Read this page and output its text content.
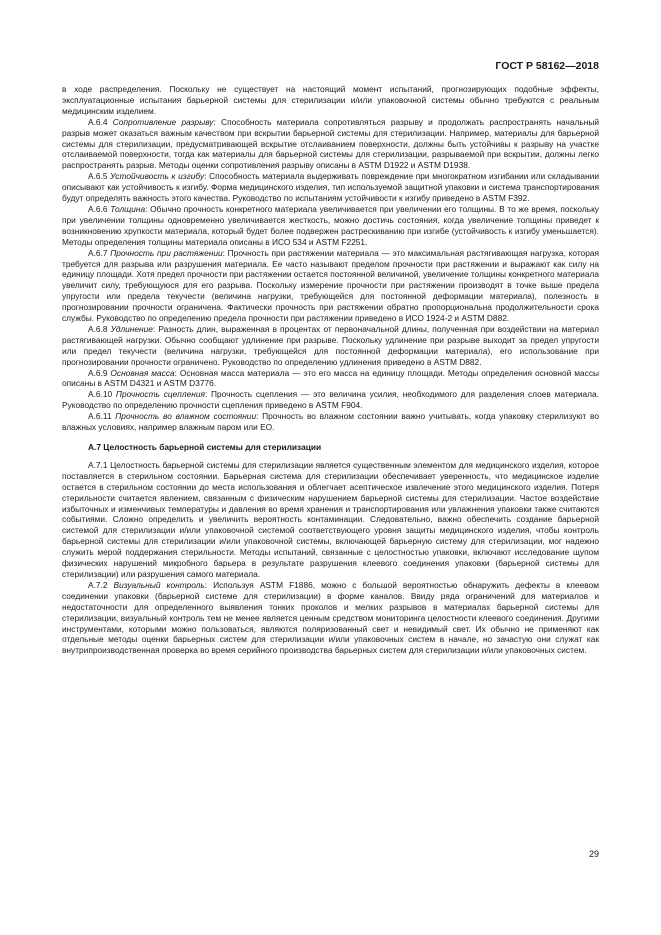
ГОСТ Р 58162—2018

в ходе распределения. Поскольку не существует на настоящий момент испытаний, прогнозирующих подобные эффекты, эксплуатационные испытания барьерной системы для стерилизации и/или упаковочной системы обычно требуются с реальным медицинским изделием.

А.6.4 Сопротивление разрыву: Способность материала сопротивляться разрыву и продолжать распространять начальный разрыв может оказаться важным качеством при вскрытии барьерной системы для стерилизации. Например, материалы для барьерной системы для стерилизации, предусматривающей вскрытие отслаиванием поверхности, должны быть устойчивы к разрыву на участке отслаиваемой поверхности, тогда как материалы для барьерной системы для стерилизации, разрываемой при вскрытии, должны легко распространять разрыв. Методы оценки сопротивления разрыву описаны в ASTM D1922 и ASTM D1938.

А.6.5 Устойчивость к изгибу: Способность материала выдерживать повреждение при многократном изгибании или складывании описывают как устойчивость к изгибу. Форма медицинского изделия, тип используемой защитной упаковки и система транспортирования будут определять важность этого качества. Руководство по испытаниям устойчивости к изгибу приведено в ASTM F392.

А.6.6 Толщина: Обычно прочность конкретного материала увеличивается при увеличении его толщины. В то же время, поскольку при увеличении толщины одновременно увеличивается жесткость, можно достичь состояния, когда увеличение толщины приведет к возникновению хрупкости материала, который будет более подвержен растрескиванию при изгибе (устойчивость к изгибу уменьшается). Методы определения толщины материала описаны в ИСО 534 и ASTM F2251.

А.6.7 Прочность при растяжении: Прочность при растяжении материала — это максимальная растягивающая нагрузка, которая требуется для разрыва или разрушения материала. Ее часто называют пределом прочности при растяжении и выражают как силу на единицу площади. Хотя предел прочности при растяжении остается постоянной величиной, увеличение толщины конкретного материала увеличит силу, требующуюся для его разрыва. Поскольку измерение прочности при растяжении производят в точке выше предела упругости или предела текучести (величина нагрузки, требующейся для постоянной деформации материала), полезность в прогнозировании прочности ограничена. Фактически прочность при растяжении обратно пропорциональна продолжительности срока службы. Руководство по определению предела прочности при растяжении приведено в ИСО 1924-2 и ASTM D882.

А.6.8 Удлинение: Разность длин, выраженная в процентах от первоначальной длины, полученная при воздействии на материал растягивающей нагрузки. Обычно сообщают удлинение при разрыве. Поскольку удлинение при разрыве выходит за предел упругости или предел текучести (величина нагрузки, требующейся для постоянной деформации материала), его использование при прогнозировании прочности ограничено. Руководство по определению удлинения приведено в ASTM D882.

А.6.9 Основная масса: Основная масса материала — это его масса на единицу площади. Методы определения основной массы описаны в ASTM D4321 и ASTM D3776.

А.6.10 Прочность сцепления: Прочность сцепления — это величина усилия, необходимого для разделения слоев материала. Руководство по определению прочности сцепления приведено в ASTM F904.

А.6.11 Прочность во влажном состоянии: Прочность во влажном состоянии важно учитывать, когда упаковку стерилизуют во влажных условиях, например влажным паром или ЕО.

А.7 Целостность барьерной системы для стерилизации

А.7.1 Целостность барьерной системы для стерилизации является существенным элементом для медицинского изделия, которое поставляется в стерильном состоянии. Барьерная система для стерилизации обеспечивает уверенность, что медицинское изделие остается в стерильном состоянии до места использования и облегчает асептическое извлечение этого медицинского изделия. Потеря стерильности считается явлением, связанным с физическим нарушением барьерной системы для стерилизации. Частое воздействие избыточных и изменчивых температуры и давления во время хранения и транспортирования или увлажнения упаковки также считаются событиями. Сложно определить и увеличить вероятность контаминации. Следовательно, важно обеспечить создание барьерной системой для стерилизации и/или упаковочной системой соответствующего уровня защиты медицинского изделия, чтобы контроль барьерной системы для стерилизации и/или упаковочной системы, включающей барьерную систему для стерилизации, мог надежно служить мерой поддержания стерильности. Методы испытаний, связанные с целостностью упаковки, включают исследование щупом физических нарушений микробного барьера в результате разрушения клеевого соединения упаковки (барьерной системы для стерилизации) или разрушения самого материала.

А.7.2 Визуальный контроль: Используя ASTM F1886, можно с большой вероятностью обнаружить дефекты в клеевом соединении упаковки (барьерной системе для стерилизации) в форме каналов. Ввиду ряда ограничений для материалов и недостаточности для определенного выявления тонких проколов и мелких разрывов в материалах барьерной системы для стерилизации, визуальный контроль тем не менее является ценным средством мониторинга целостности клеевого соединения. Другими инструментами, которыми можно пользоваться, являются поляризованный свет и невидимый свет. Их обычно не применяют как отдельные методы оценки барьерных систем для стерилизации и/или упаковочных систем в начале, но зачастую они служат как внутрипроизводственная проверка во время серийного производства барьерных систем для стерилизации и/или упаковочных систем.

29
